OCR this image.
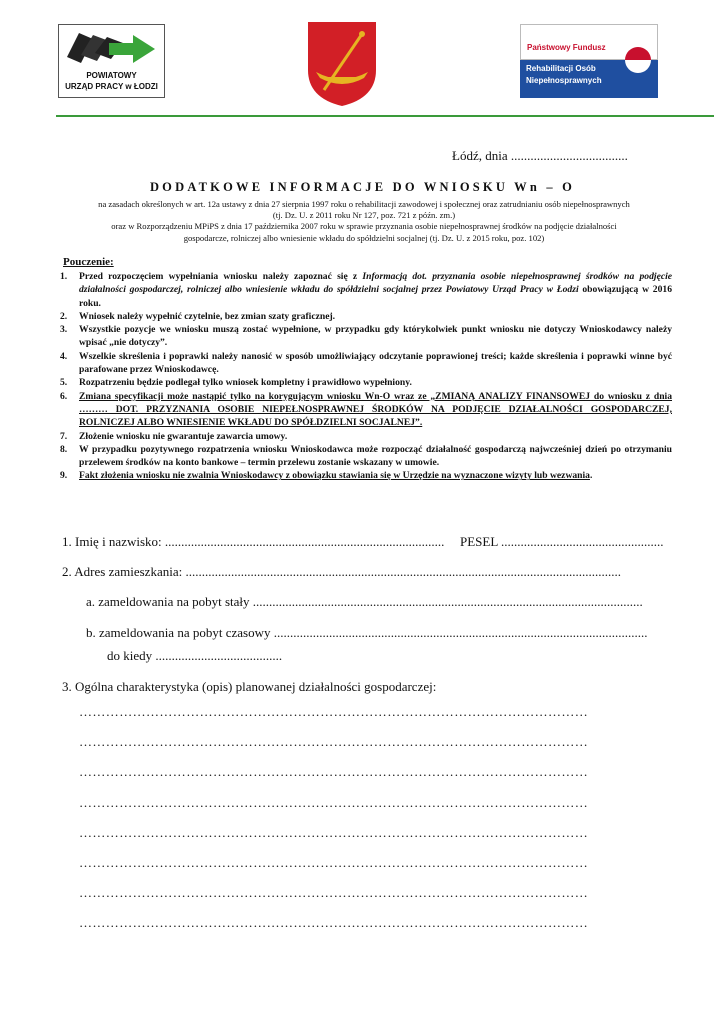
POWIATOWY
URZĄD PRACY w ŁODZI
Państwowy Fundusz
Rehabilitacji Osób
Niepełnosprawnych
Łódź, dnia ....................................
DODATKOWE INFORMACJE DO WNIOSKU Wn – O
na zasadach określonych w art. 12a ustawy z dnia 27 sierpnia 1997 roku o rehabilitacji zawodowej i społecznej oraz zatrudnianiu osób niepełnosprawnych
(tj. Dz. U. z 2011 roku Nr 127, poz. 721 z późn. zm.)
oraz w Rozporządzeniu MPiPS z dnia 17 października 2007 roku w sprawie przyznania osobie niepełnosprawnej środków na podjęcie działalności
gospodarcze, rolniczej albo wniesienie wkładu do spółdzielni socjalnej (tj. Dz. U. z 2015 roku, poz. 102)
Pouczenie:
1. Przed rozpoczęciem wypełniania wniosku należy zapoznać się z Informacją dot. przyznania osobie niepełnosprawnej środków na podjęcie działalności gospodarczej, rolniczej albo wniesienie wkładu do spółdzielni socjalnej przez Powiatowy Urząd Pracy w Łodzi obowiązującą w 2016 roku.
2. Wniosek należy wypełnić czytelnie, bez zmian szaty graficznej.
3. Wszystkie pozycje we wniosku muszą zostać wypełnione, w przypadku gdy którykolwiek punkt wniosku nie dotyczy Wnioskodawcy należy wpisać „nie dotyczy”.
4. Wszelkie skreślenia i poprawki należy nanosić w sposób umożliwiający odczytanie poprawionej treści; każde skreślenia i poprawki winne być parafowane przez Wnioskodawcę.
5. Rozpatrzeniu będzie podlegał tylko wniosek kompletny i prawidłowo wypełniony.
6. Zmiana specyfikacji może nastąpić tylko na korygującym wniosku Wn-O wraz ze „ZMIANĄ ANALIZY FINANSOWEJ do wniosku z dnia ……… DOT. PRZYZNANIA OSOBIE NIEPEŁNOSPRAWNEJ ŚRODKÓW NA PODJĘCIE DZIAŁALNOŚCI GOSPODARCZEJ, ROLNICZEJ ALBO WNIESIENIE WKŁADU DO SPÓŁDZIELNI SOCJALNEJ”.
7. Złożenie wniosku nie gwarantuje zawarcia umowy.
8. W przypadku pozytywnego rozpatrzenia wniosku Wnioskodawca może rozpocząć działalność gospodarczą najwcześniej dzień po otrzymaniu przelewem środków na konto bankowe – termin przelewu zostanie wskazany w umowie.
9. Fakt złożenia wniosku nie zwalnia Wnioskodawcy z obowiązku stawiania się w Urzędzie na wyznaczone wizyty lub wezwania.
1. Imię i nazwisko: ...................................................................................... PESEL ..................................................
2. Adres zamieszkania: ......................................................................................................................................
a. zameldowania na pobyt stały ........................................................................................................................
b. zameldowania na pobyt czasowy ...................................................................................................................
do kiedy .......................................
3. Ogólna charakterystyka (opis) planowanej działalności gospodarczej:
……………………………………………………………………………………………………
……………………………………………………………………………………………………
……………………………………………………………………………………………………
……………………………………………………………………………………………………
……………………………………………………………………………………………………
……………………………………………………………………………………………………
……………………………………………………………………………………………………
……………………………………………………………………………………………………
